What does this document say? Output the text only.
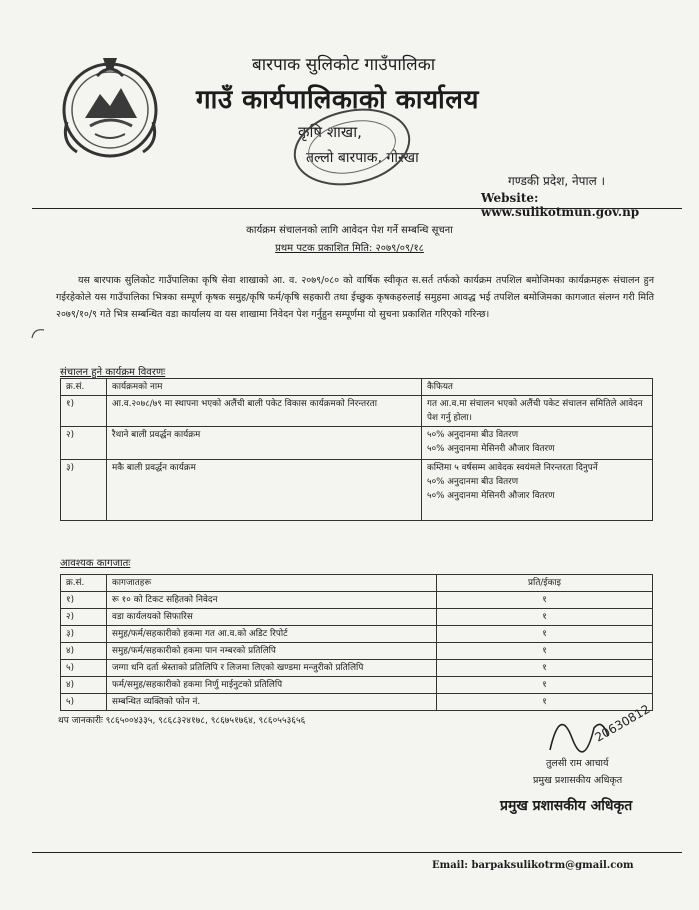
बारपाक सुलिकोट गाउँपालिका
गाउँ कार्यपालिकाको कार्यालय
कृषि शाखा,
तल्लो बारपाक, गोरखा
गण्डकी प्रदेश, नेपाल ।
Website: www.sulikotmun.gov.np
कार्यक्रम संचालनको लागि आवेदन पेश गर्ने सम्बन्धि सूचना
प्रथम पटक प्रकाशित मिति: २०७९/०९/१८
यस बारपाक सुलिकोट गाउँपालिका कृषि सेवा शाखाको आ. व. २०७९/०८० को वार्षिक स्वीकृत स.सर्त तर्फको कार्यक्रम तपशिल बमोजिमका कार्यक्रमहरू संचालन हुन गईरहेकोले यस गाउँपालिका भित्रका सम्पूर्ण कृषक समुह/कृषि फर्म/कृषि सहकारी तथा ईच्छुक कृषकहरुलाई समुहमा आवद्ध भई तपशिल बमोजिमका कागजात संलग्न गरी मिति २०७९/१०/९ गते भित्र सम्बन्धित वडा कार्यालय वा यस शाखामा निवेदन पेश गर्नुहुन सम्पूर्णमा यो सुचना प्रकाशित गरिएको गरिन्छ।
संचालन हुने कार्यक्रम विवरणः
क्र.सं.	कार्यक्रमको नाम	कैफियत
१)	आ.व.२०७८/७९ मा स्थापना भएको अलैंची बाली पकेट विकास कार्यक्रमको निरन्तरता	गत आ.व.मा संचालन भएको अलैंची पकेट संचालन समितिले आवेदन पेश गर्नु होला।
२)	रैथाने बाली प्रवर्द्धन कार्यक्रम	५०% अनुदानमा बीउ वितरण
५०% अनुदानमा मेसिनरी औजार वितरण

३)	मकै बाली प्रवर्द्धन कार्यक्रम	कम्तिमा ५ वर्षसम्म आवेदक स्वयंमले निरन्तरता दिनुपर्ने
५०% अनुदानमा बीउ वितरण
५०% अनुदानमा मेसिनरी औजार वितरण
आवश्यक कागजातः
क्र.सं.	कागजातहरू	प्रति/ईकाइ
१)	रू १० को टिकट सहितको निवेदन	१
२)	वडा कार्यलयको सिफारिस	१
३)	समुह/फर्म/सहकारीको हकमा गत आ.व.को अडिट रिपोर्ट	१
४)	समुह/फर्म/सहकारीको हकमा पान नम्बरको प्रतिलिपि	१
५)	जग्गा धनि दर्ता श्रेस्ताको प्रतिलिपि र लिजमा लिएको खण्डमा मन्जुरीको प्रतिलिपि	१
४)	फर्म/समुह/सहकारीको हकमा निर्णु माईनुटको प्रतिलिपि	१
५)	सम्बन्धित व्यक्तिको फोन नं.	१
थप जानकारीः ९८६५००४३३५, ९८६८३२४१७८, ९८६७५१७६४, ९८६०५५३६५६	20630812
तुलसी राम आचार्य
प्रमुख प्रशासकीय अधिकृत
प्रमुख प्रशासकीय अधिकृत
Email: barpaksulikotrm@gmail.com
